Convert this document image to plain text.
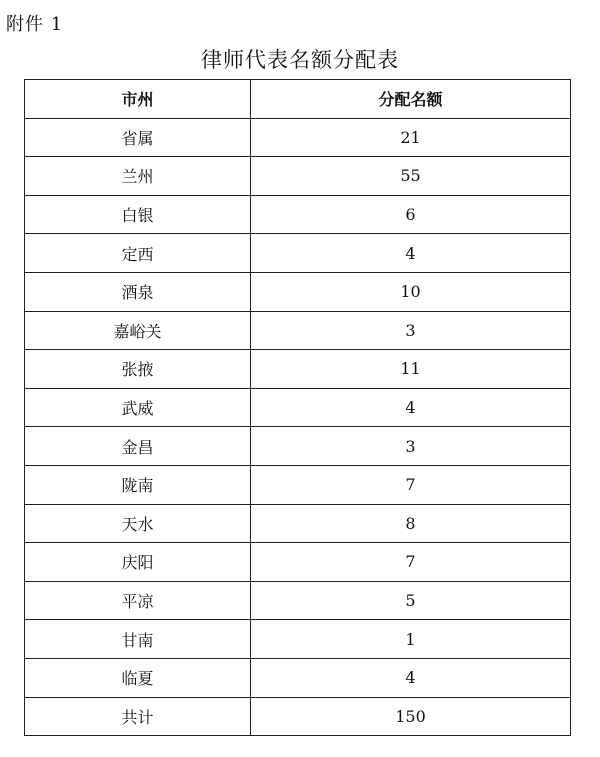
附件 1
律师代表名额分配表
市州	分配名额
省属	21
兰州	55
白银	6
定西	4
酒泉	10
嘉峪关	3
张掖	11
武威	4
金昌	3
陇南	7
天水	8
庆阳	7
平凉	5
甘南	1
临夏	4
共计	150
